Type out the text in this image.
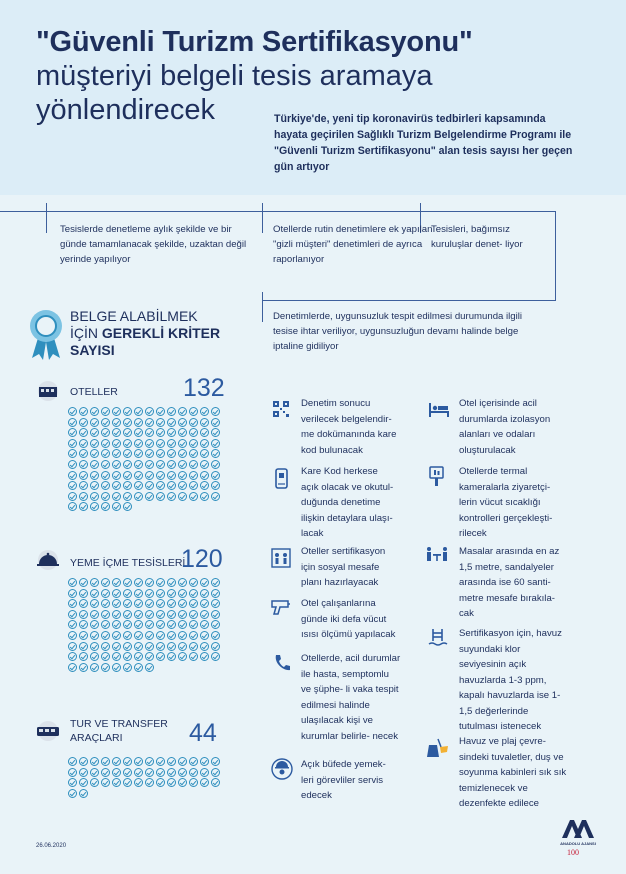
"Güvenli Turizm Sertifikasyonu"
müşteriyi belgeli tesis aramaya
yönlendirecek	Türkiye'de, yeni tip koronavirüs tedbirleri kapsamında hayata geçirilen Sağlıklı Turizm Belgelendirme Programı ile "Güvenli Turizm Sertifikasyonu" alan tesis sayısı her geçen gün artıyor
Tesislerde denetleme aylık şekilde ve bir günde tamamlanacak şekilde, uzaktan değil yerinde yapılıyor
Otellerde rutin denetimlere ek yapılan "gizli müşteri" denetimleri de ayrıca raporlanıyor
Tesisleri, bağımsız kuruluşlar denet- liyor
Denetimlerde, uygunsuzluk tespit edilmesi durumunda ilgili tesise ihtar veriliyor, uygunsuzluğun devamı halinde belge iptaline gidiliyor
BELGE ALABİLMEK
İÇİN GEREKLİ KRİTER
SAYISI
OTELLER	132
YEME İÇME TESİSLERİ
120
TUR VE TRANSFER
ARAÇLARI	44
Denetim sonucu verilecek belgelendir- me dokümanında kare kod bulunacak
Kare Kod herkese açık olacak ve okutul- duğunda denetime ilişkin detaylara ulaşı- lacak
Oteller sertifikasyon için sosyal mesafe planı hazırlayacak
Otel çalışanlarına günde iki defa vücut ısısı ölçümü yapılacak
Otellerde, acil durumlar ile hasta, semptomlu ve şüphe- li vaka tespit edilmesi halinde ulaşılacak kişi ve kurumlar belirle- necek
Açık büfede yemek- leri görevliler servis edecek
Otel içerisinde acil durumlarda izolasyon alanları ve odaları oluşturulacak
Otellerde termal kameralarla ziyaretçi- lerin vücut sıcaklığı kontrolleri gerçekleşti- rilecek
Masalar arasında en az 1,5 metre, sandalyeler arasında ise 60 santi- metre mesafe bırakıla- cak
Sertifikasyon için, havuz suyundaki klor seviyesinin açık havuzlarda 1-3 ppm, kapalı havuzlarda ise 1-1,5 değerlerinde tutulması istenecek
Havuz ve plaj çevre- sindeki tuvaletler, duş ve soyunma kabinleri sık sık temizlenecek ve dezenfekte edilece
26.06.2020	ANADOLU AJANSI
100
